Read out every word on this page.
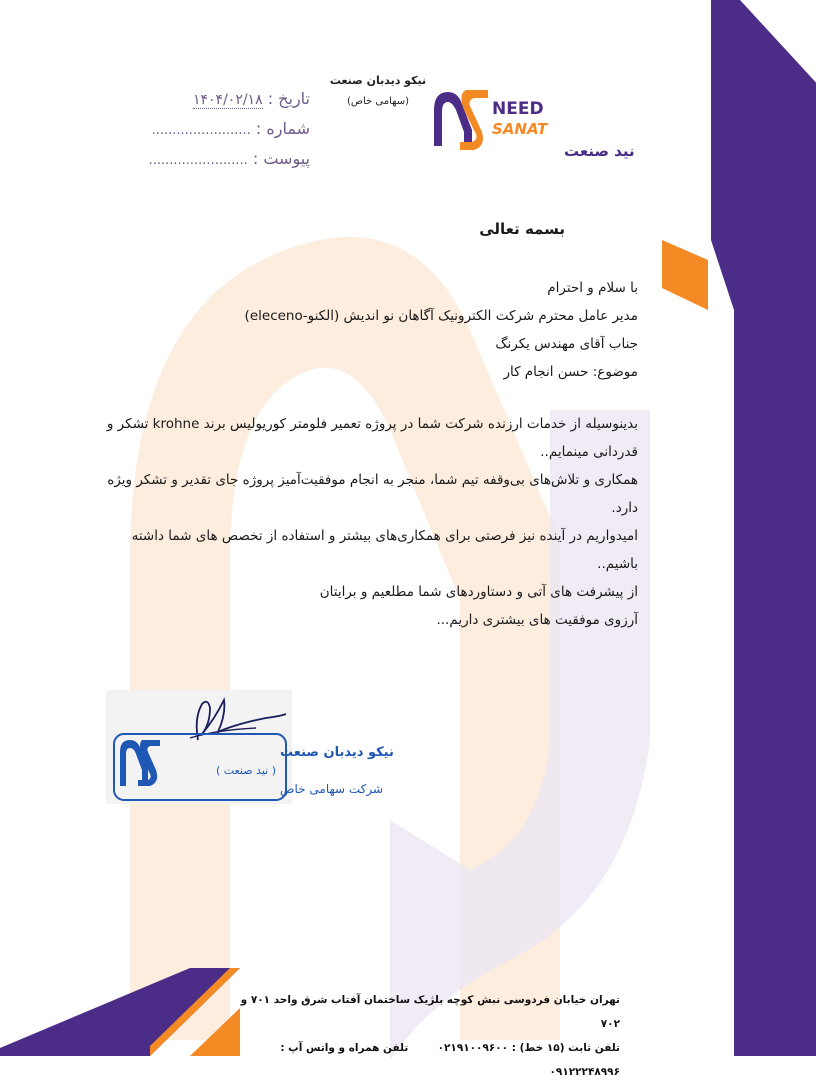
تاریخ : ۱۴۰۴/۰۲/۱۸
شماره : ........................
پیوست : ........................
نیکو دیدبان صنعت
(سهامی خاص)	NEED
SANAT
نید صنعت
بسمه تعالی

با سلام و احترام

مدیر عامل محترم شرکت الکترونیک آگاهان نو اندیش (الکنو-eleceno)

جناب آقای مهندس یکرنگ

موضوع: حسن انجام کار

بدینوسیله از خدمات ارزنده شرکت شما در پروژه تعمیر فلومتر کوریولیس برند krohne تشکر و قدردانی مینمایم..

همکاری و تلاش‌های بی‌وقفه تیم شما، منجر به انجام موفقیت‌آمیز پروژه جای تقدیر و تشکر ویژه دارد.

امیدواریم در آینده نیز فرصتی برای همکاری‌های بیشتر و استفاده از تخصص های شما داشته باشیم..

از پیشرفت های آتی و دستاوردهای شما مطلعیم و برایتان

آرزوی موفقیت های بیشتری داریم...

نیکو دیدبان صنعت
( نید صنعت )
شرکت سهامی خاص
تهران خیابان فردوسی نبش کوچه بلژیک ساختمان آفتاب شرق واحد ۷۰۱ و ۷۰۲
تلفن ثابت (۱۵ خط) : ۰۲۱۹۱۰۰۹۶۰۰  تلفن همراه و واتس آپ : ۰۹۱۲۲۲۴۸۹۹۶
